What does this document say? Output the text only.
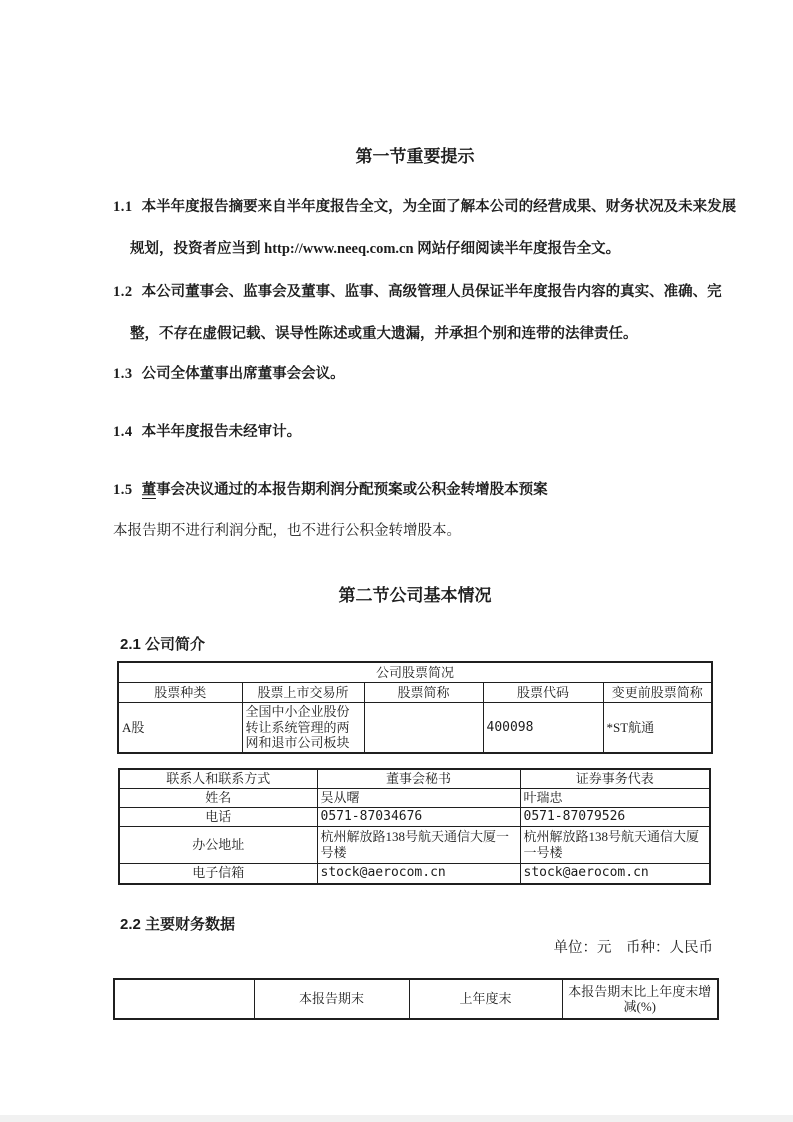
第一节重要提示
1.1 本半年度报告摘要来自半年度报告全文，为全面了解本公司的经营成果、财务状况及未来发展规划，投资者应当到 http://www.neeq.com.cn 网站仔细阅读半年度报告全文。
1.2 本公司董事会、监事会及董事、监事、高级管理人员保证半年度报告内容的真实、准确、完整，不存在虚假记载、误导性陈述或重大遗漏，并承担个别和连带的法律责任。
1.3 公司全体董事出席董事会会议。
1.4 本半年度报告未经审计。
1.5 董事会决议通过的本报告期利润分配预案或公积金转增股本预案
本报告期不进行利润分配，也不进行公积金转增股本。
第二节公司基本情况
2.1 公司简介
公司股票简况				
股票种类	股票上市交易所	股票简称	股票代码	变更前股票简称
A股	全国中小企业股份转让系统管理的两网和退市公司板块		400098	*ST航通
联系人和联系方式	董事会秘书	证券事务代表
姓名	吴从曙	叶瑞忠
电话	0571-87034676	0571-87079526
办公地址	杭州解放路138号航天通信大厦一号楼	杭州解放路138号航天通信大厦一号楼
电子信箱	stock@aerocom.cn	stock@aerocom.cn
2.2 主要财务数据
单位：元　币种：人民币
	本报告期末	上年度末	本报告期末比上年度末增减(%)
